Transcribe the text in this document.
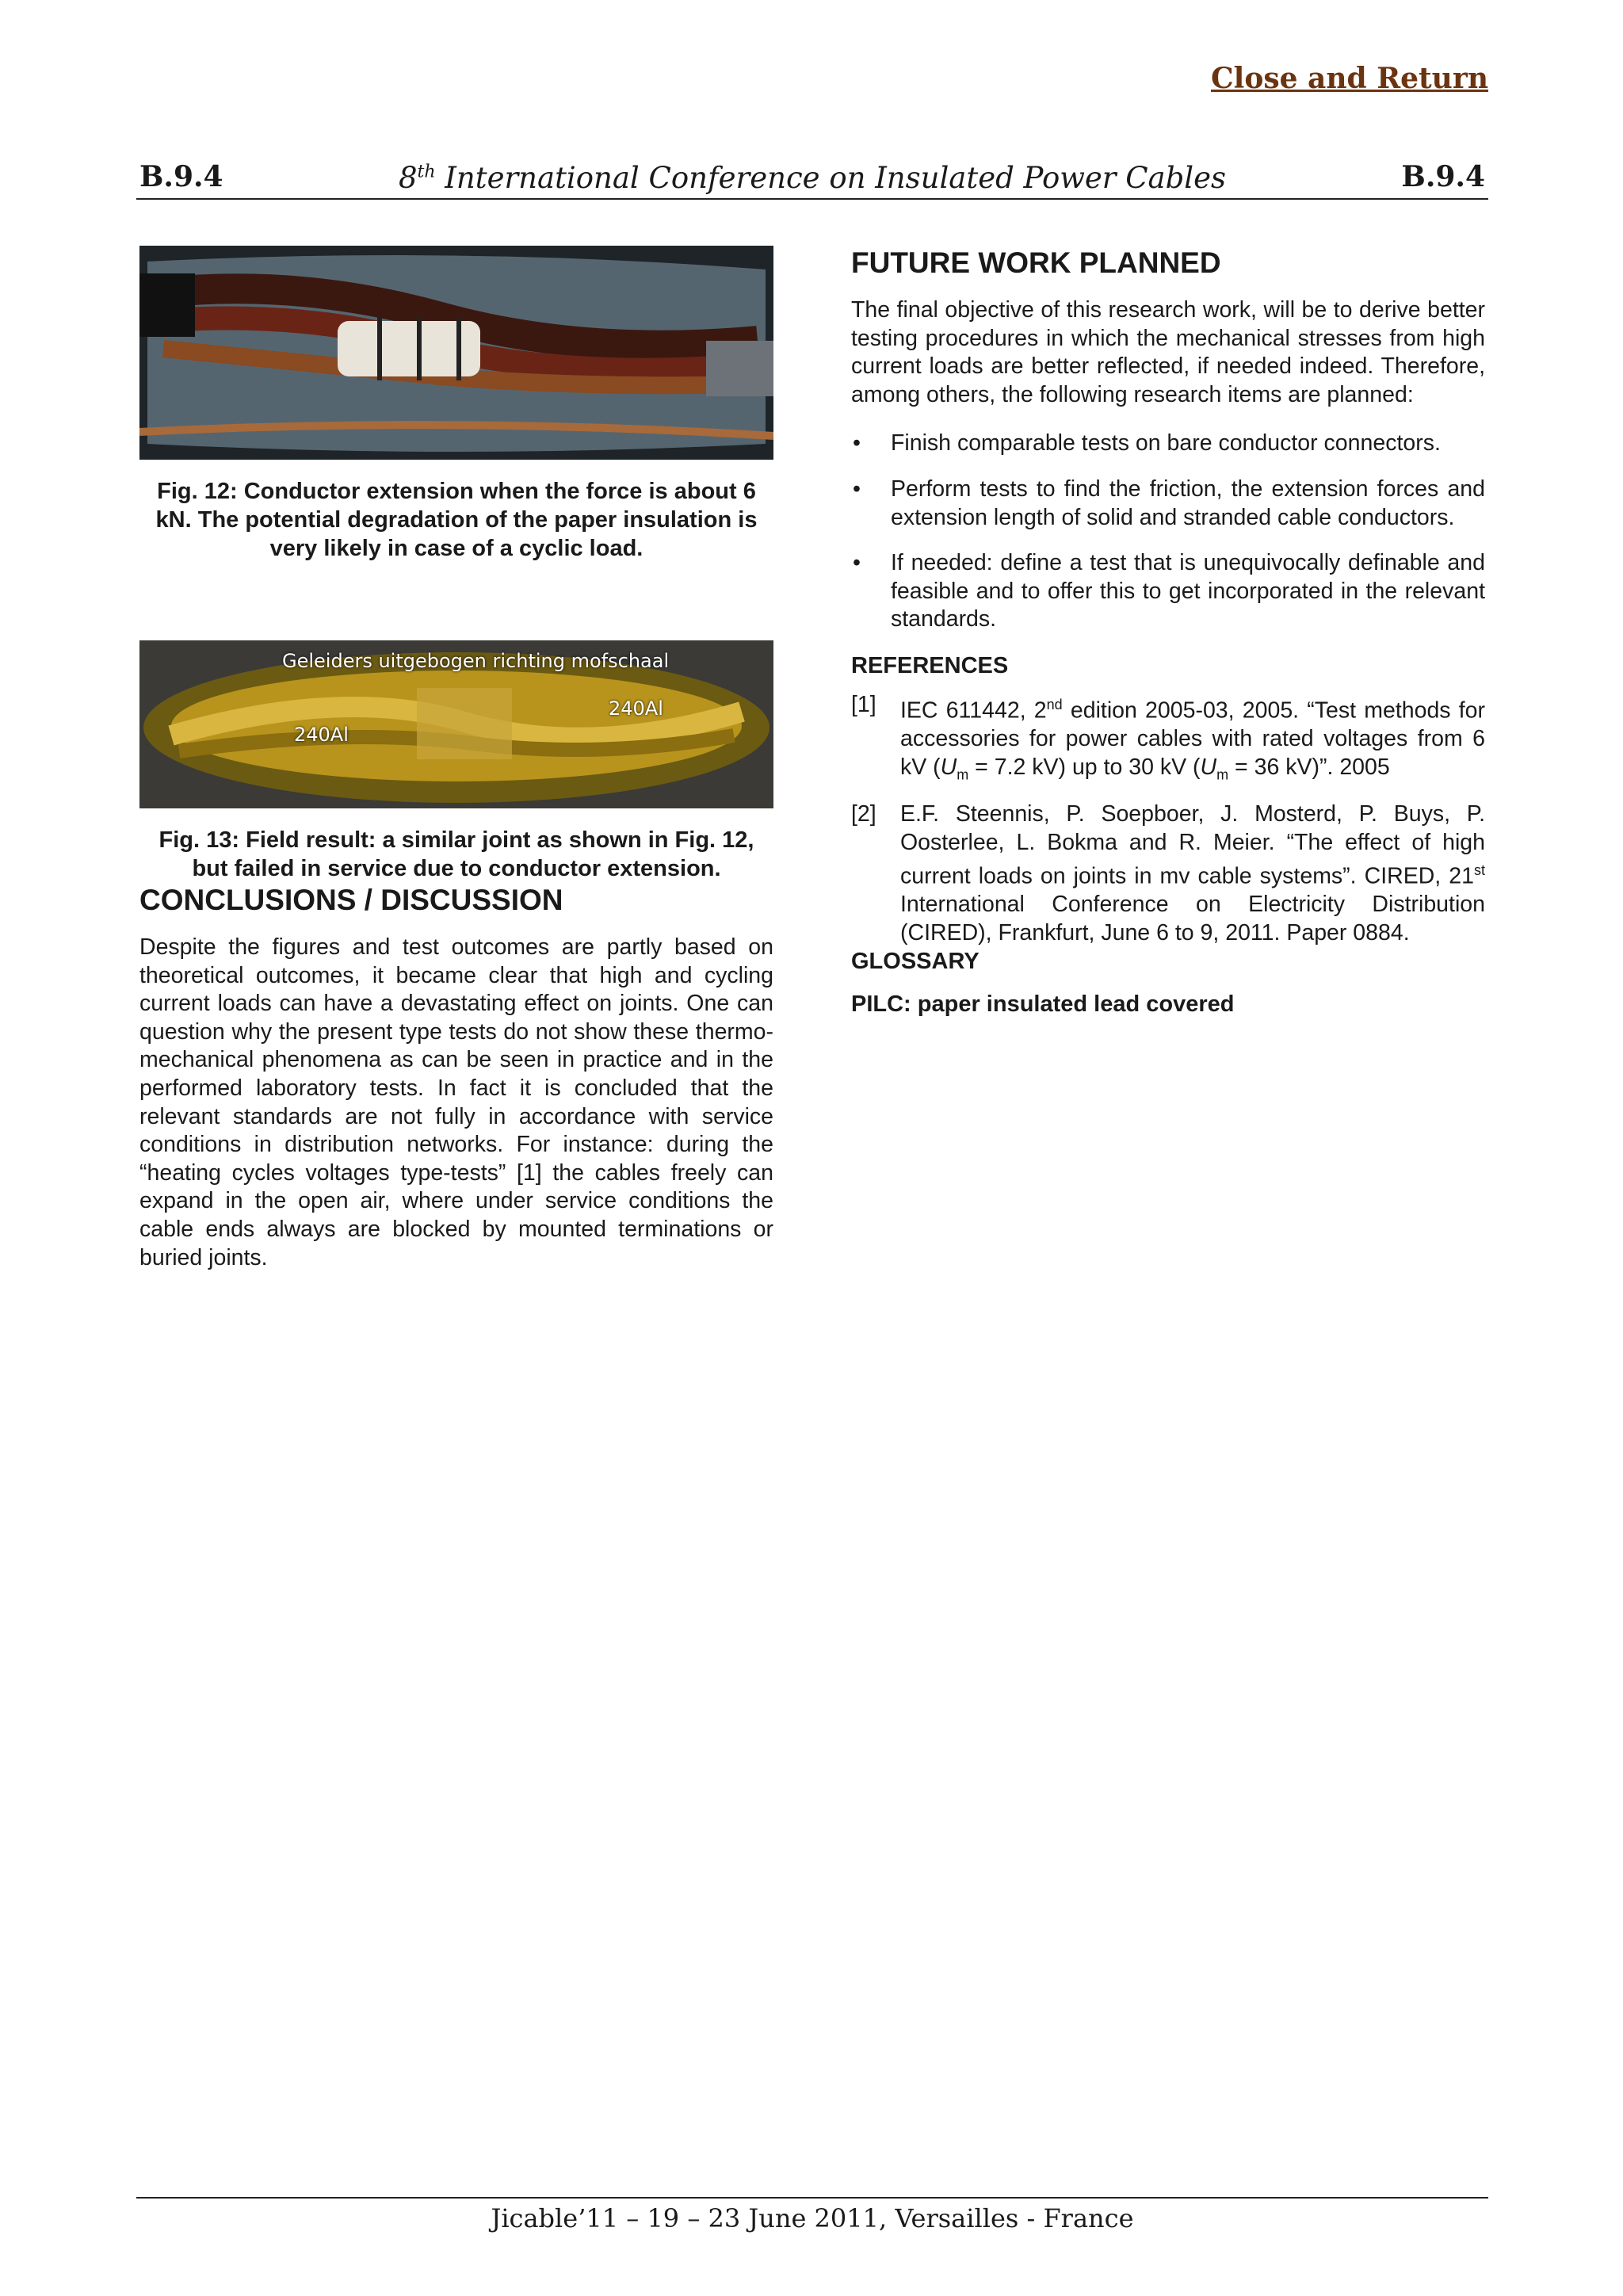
Close and Return
B.9.4	8th International Conference on Insulated Power Cables	B.9.4
Fig. 12: Conductor extension when the force is about 6 kN. The potential degradation of the paper insulation is very likely in case of a cyclic load.
Geleiders uitgebogen richting mofschaal
240Al
240Al
Fig. 13: Field result: a similar joint as shown in Fig. 12, but failed in service due to conductor extension.
CONCLUSIONS / DISCUSSION

Despite the figures and test outcomes are partly based on theoretical outcomes, it became clear that high and cycling current loads can have a devastating effect on joints. One can question why the present type tests do not show these thermo-mechanical phenomena as can be seen in practice and in the performed laboratory tests. In fact it is concluded that the relevant standards are not fully in accordance with service conditions in distribution networks. For instance: during the “heating cycles voltages type-tests” [1] the cables freely can expand in the open air, where under service conditions the cable ends always are blocked by mounted terminations or buried joints.

FUTURE WORK PLANNED

The final objective of this research work, will be to derive better testing procedures in which the mechanical stresses from high current loads are better reflected, if needed indeed. Therefore, among others, the following research items are planned:

• Finish comparable tests on bare conductor connectors.
• Perform tests to find the friction, the extension forces and extension length of solid and stranded cable conductors.
• If needed: define a test that is unequivocally definable and feasible and to offer this to get incorporated in the relevant standards.
REFERENCES
[1] IEC 611442, 2nd edition 2005-03, 2005. “Test methods for accessories for power cables with rated voltages from 6 kV ($U_m = 7.2$ kV) up to 30 kV ($U_m = 36$ kV)”. 2005
[2] E.F. Steennis, P. Soepboer, J. Mosterd, P. Buys, P. Oosterlee, L. Bokma and R. Meier. “The effect of high current loads on joints in mv cable systems”. CIRED, 21st International Conference on Electricity Distribution (CIRED), Frankfurt, June 6 to 9, 2011. Paper 0884.
GLOSSARY
PILC: paper insulated lead covered
Jicable’11 – 19 – 23 June 2011, Versailles - France
